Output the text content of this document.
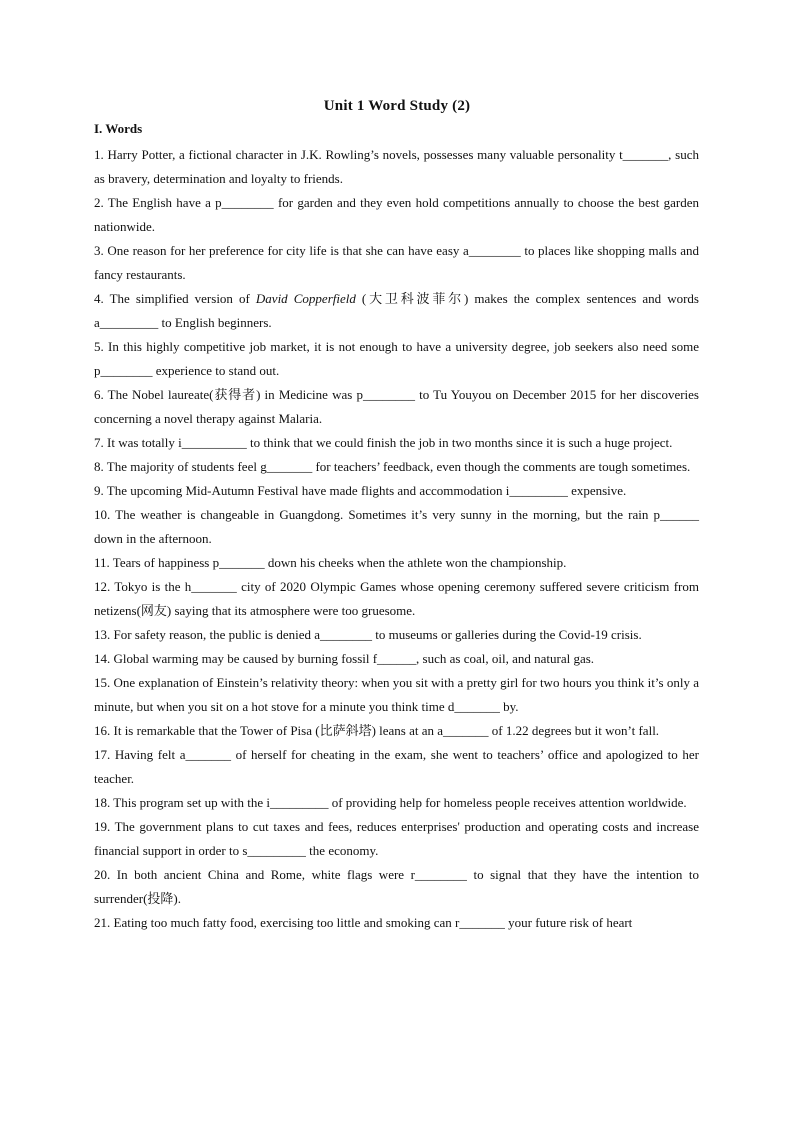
Unit 1 Word Study (2)
I. Words

1. Harry Potter, a fictional character in J.K. Rowling’s novels, possesses many valuable personality t_______, such as bravery, determination and loyalty to friends.

2. The English have a p________ for garden and they even hold competitions annually to choose the best garden nationwide.

3. One reason for her preference for city life is that she can have easy a________ to places like shopping malls and fancy restaurants.

4. The simplified version of David Copperfield (大卫科波菲尔) makes the complex sentences and words a_________ to English beginners.

5. In this highly competitive job market, it is not enough to have a university degree, job seekers also need some p________ experience to stand out.

6. The Nobel laureate(获得者) in Medicine was p________ to Tu Youyou on December 2015 for her discoveries concerning a novel therapy against Malaria.

7. It was totally i__________ to think that we could finish the job in two months since it is such a huge project.

8. The majority of students feel g_______ for teachers’ feedback, even though the comments are tough sometimes.

9. The upcoming Mid-Autumn Festival have made flights and accommodation i_________ expensive.

10. The weather is changeable in Guangdong. Sometimes it’s very sunny in the morning, but the rain p______ down in the afternoon.

11. Tears of happiness p_______ down his cheeks when the athlete won the championship.

12. Tokyo is the h_______ city of 2020 Olympic Games whose opening ceremony suffered severe criticism from netizens(网友) saying that its atmosphere were too gruesome.

13. For safety reason, the public is denied a________ to museums or galleries during the Covid-19 crisis.

14. Global warming may be caused by burning fossil f______, such as coal, oil, and natural gas.

15. One explanation of Einstein’s relativity theory: when you sit with a pretty girl for two hours you think it’s only a minute, but when you sit on a hot stove for a minute you think time d_______ by.

16. It is remarkable that the Tower of Pisa (比萨斜塔) leans at an a_______ of 1.22 degrees but it won’t fall.

17. Having felt a_______ of herself for cheating in the exam, she went to teachers’ office and apologized to her teacher.

18. This program set up with the i_________ of providing help for homeless people receives attention worldwide.

19. The government plans to cut taxes and fees, reduces enterprises' production and operating costs and increase financial support in order to s_________ the economy.

20. In both ancient China and Rome, white flags were r________ to signal that they have the intention to surrender(投降).

21. Eating too much fatty food, exercising too little and smoking can r_______ your future risk of heart
